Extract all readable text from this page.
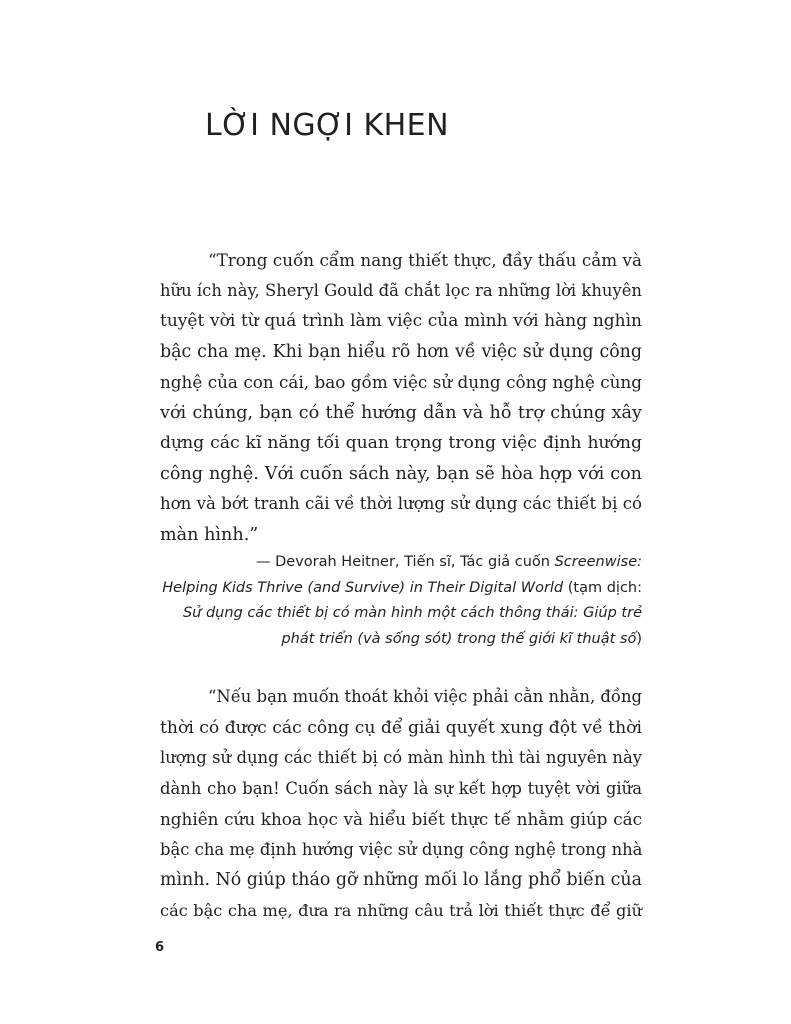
LỜI NGỢI KHEN
“Trong cuốn cẩm nang thiết thực, đầy thấu cảm và
hữu ích này, Sheryl Gould đã chắt lọc ra những lời khuyên
tuyệt vời từ quá trình làm việc của mình với hàng nghìn
bậc cha mẹ. Khi bạn hiểu rõ hơn về việc sử dụng công
nghệ của con cái, bao gồm việc sử dụng công nghệ cùng
với chúng, bạn có thể hướng dẫn và hỗ trợ chúng xây
dựng các kĩ năng tối quan trọng trong việc định hướng
công nghệ. Với cuốn sách này, bạn sẽ hòa hợp với con
hơn và bớt tranh cãi về thời lượng sử dụng các thiết bị có
màn hình.”
— Devorah Heitner, Tiến sĩ, Tác giả cuốn Screenwise:
Helping Kids Thrive (and Survive) in Their Digital World (tạm dịch:
Sử dụng các thiết bị có màn hình một cách thông thái: Giúp trẻ
phát triển (và sống sót) trong thế giới kĩ thuật số)
“Nếu bạn muốn thoát khỏi việc phải cằn nhằn, đồng
thời có được các công cụ để giải quyết xung đột về thời
lượng sử dụng các thiết bị có màn hình thì tài nguyên này
dành cho bạn! Cuốn sách này là sự kết hợp tuyệt vời giữa
nghiên cứu khoa học và hiểu biết thực tế nhằm giúp các
bậc cha mẹ định hướng việc sử dụng công nghệ trong nhà
mình. Nó giúp tháo gỡ những mối lo lắng phổ biến của
các bậc cha mẹ, đưa ra những câu trả lời thiết thực để giữ
6
